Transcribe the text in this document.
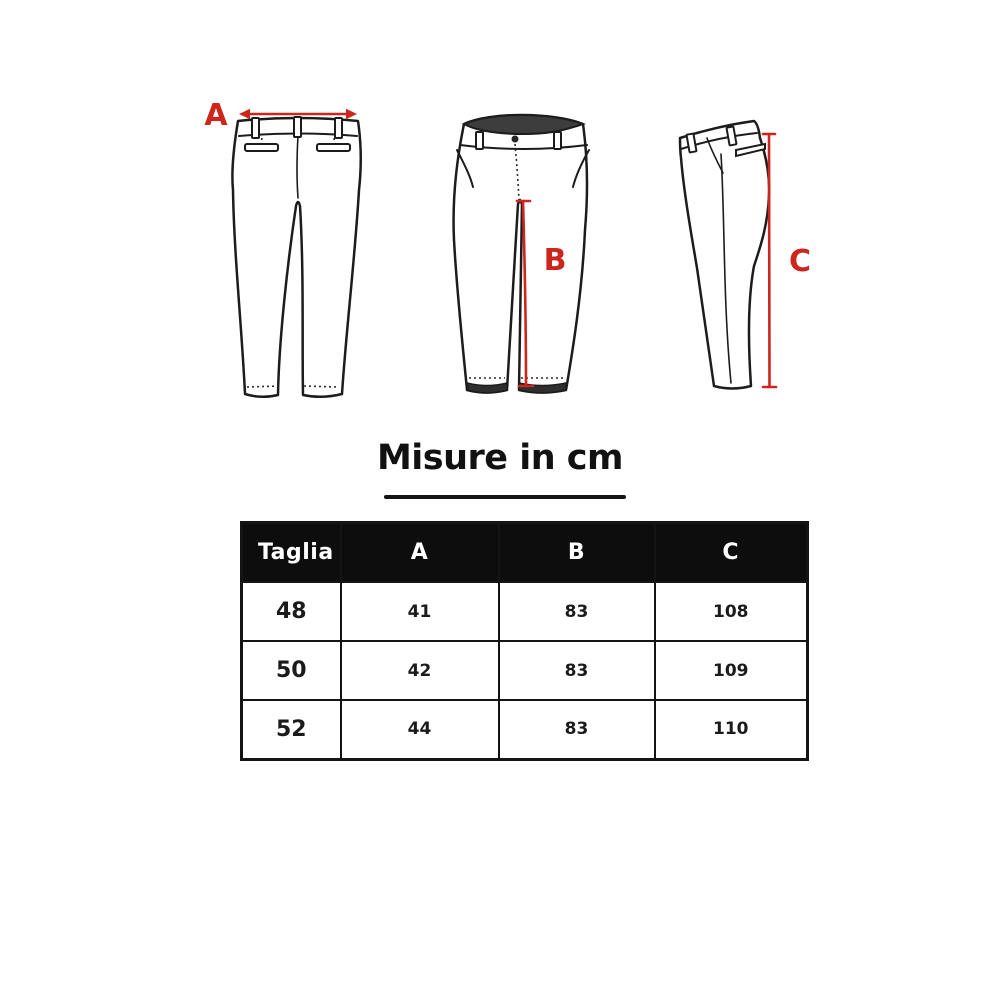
A
B	C
Misure in cm
Taglia	A	B	C
48	41	83	108
50	42	83	109
52	44	83	110
